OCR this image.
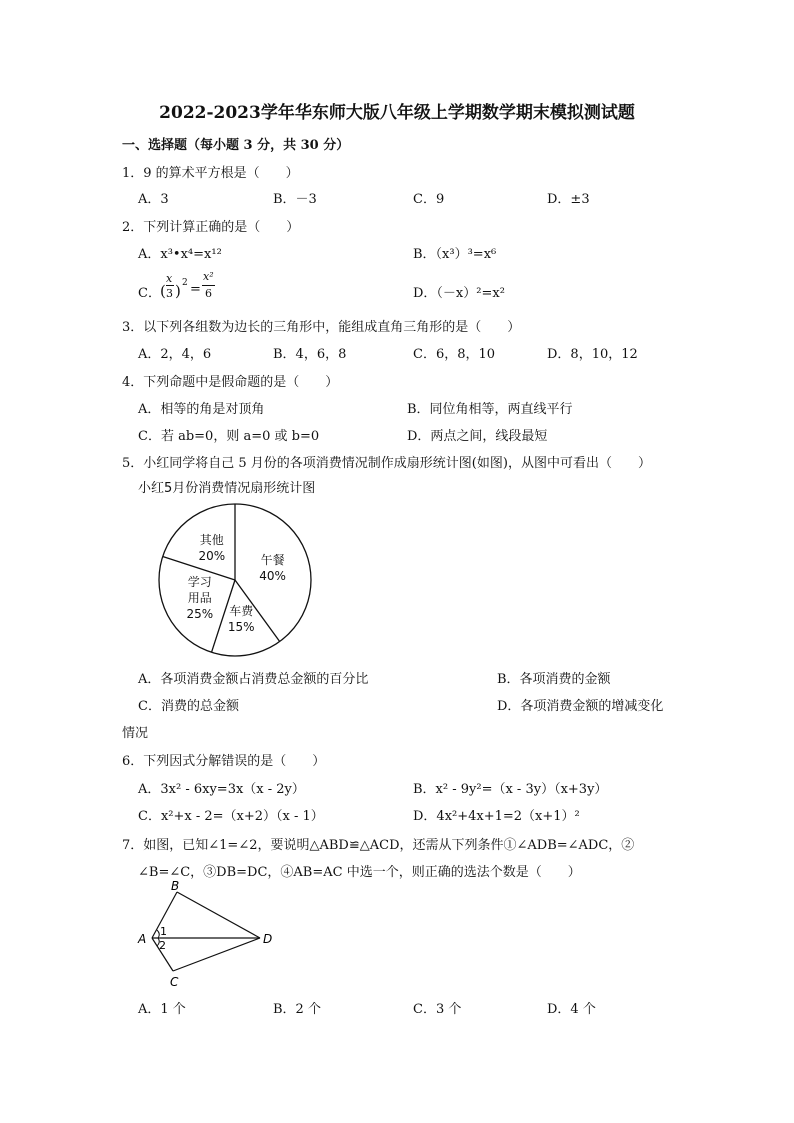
2022-2023学年华东师大版八年级上学期数学期末模拟测试题
一、选择题（每小题 3 分，共 30 分）
1．9 的算术平方根是（　　）
A．3	B．－3	C．9	D．±3
2．下列计算正确的是（　　）
A．x³•x⁴=x¹²	B．（x³）³=x⁶
C． (
x
3 ) 2 =
x²
6	D．（－x）²=x²
3．以下列各组数为边长的三角形中，能组成直角三角形的是（　　）
A．2，4，6	B．4，6，8	C．6，8，10	D．8，10，12
4．下列命题中是假命题的是（　　）
A．相等的角是对顶角	B．同位角相等，两直线平行
C．若 ab=0，则 a=0 或 b=0	D．两点之间，线段最短
5．小红同学将自己 5 月份的各项消费情况制作成扇形统计图(如图)，从图中可看出（　　）
小红5月份消费情况扇形统计图
午餐 40%
车费 15%
学习用品 25%
其他 20%
A．各项消费金额占消费总金额的百分比	B．各项消费的金额
C．消费的总金额	D．各项消费金额的增减变化
情况
6．下列因式分解错误的是（　　）
A．3x² - 6xy=3x（x - 2y）	B．x² - 9y²=（x - 3y）（x+3y）
C．x²+x - 2=（x+2）（x - 1）	D．4x²+4x+1=2（x+1）²
7．如图，已知∠1=∠2，要说明△ABD≌△ACD，还需从下列条件①∠ADB=∠ADC，②
∠B=∠C，③DB=DC，④AB=AC 中选一个，则正确的选法个数是（　　）
A
B
C
D
1
2
A．1 个	B．2 个	C．3 个	D．4 个
